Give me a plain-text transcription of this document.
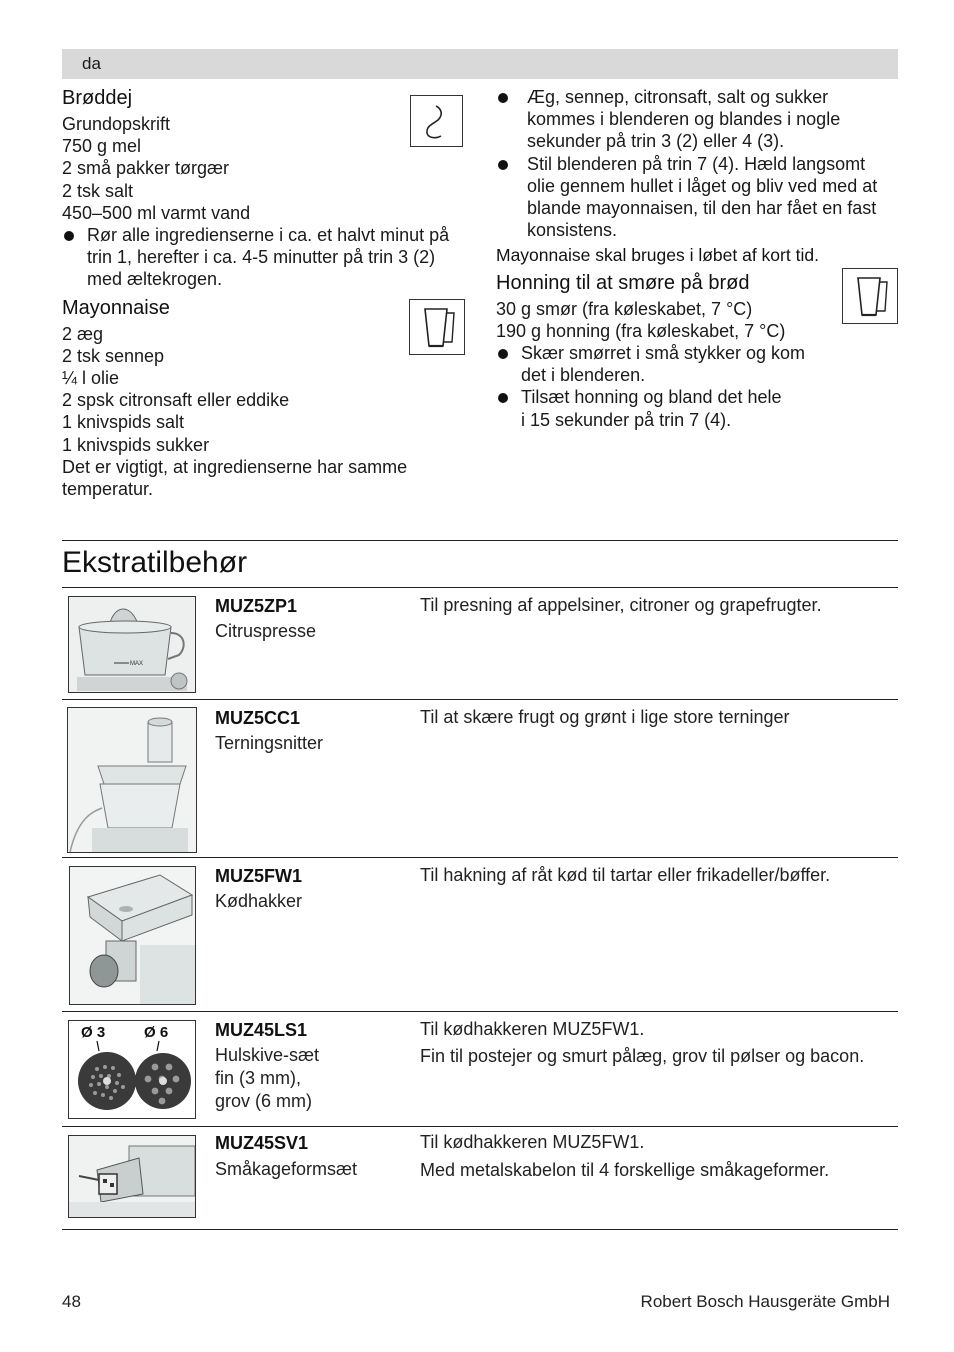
da
Brøddej
Grundopskrift
750 g mel
2 små pakker tørgær
2 tsk salt
450–500 ml varmt vand
Rør alle ingredienserne i ca. et halvt minut på
trin 1, herefter i ca. 4-5 minutter på trin 3 (2)
med æltekrogen.
Mayonnaise
2 æg
2 tsk sennep
¼ l olie
2 spsk citronsaft eller eddike
1 knivspids salt
1 knivspids sukker
Det er vigtigt, at ingredienserne har samme
temperatur.
Æg, sennep, citronsaft, salt og sukker
kommes i blenderen og blandes i nogle
sekunder på trin 3 (2) eller 4 (3).
Stil blenderen på trin 7 (4). Hæld langsomt
olie gennem hullet i låget og bliv ved med at
blande mayonnaisen, til den har fået en fast
konsistens.
Mayonnaise skal bruges i løbet af kort tid.
Honning til at smøre på brød
30 g smør (fra køleskabet, 7 °C)
190 g honning (fra køleskabet, 7 °C)
Skær smørret i små stykker og kom
det i blenderen.
Tilsæt honning og bland det hele
i 15 sekunder på trin 7 (4).
Ekstratilbehør
MAX
MUZ5ZP1
Citruspresse
Til presning af appelsiner, citroner og grapefrugter.
MUZ5CC1
Terningsnitter
Til at skære frugt og grønt i lige store terninger
MUZ5FW1
Kødhakker
Til hakning af råt kød til tartar eller frikadeller/bøffer.
Ø 3	Ø 6	MUZ45LS1
Hulskive-sæt
fin (3 mm),
grov (6 mm)
Til kødhakkeren MUZ5FW1.
Fin til postejer og smurt pålæg, grov til pølser og bacon.
MUZ45SV1
Småkageformsæt
Til kødhakkeren MUZ5FW1.
Med metalskabelon til 4 forskellige småkageformer.
48	Robert Bosch Hausgeräte GmbH
